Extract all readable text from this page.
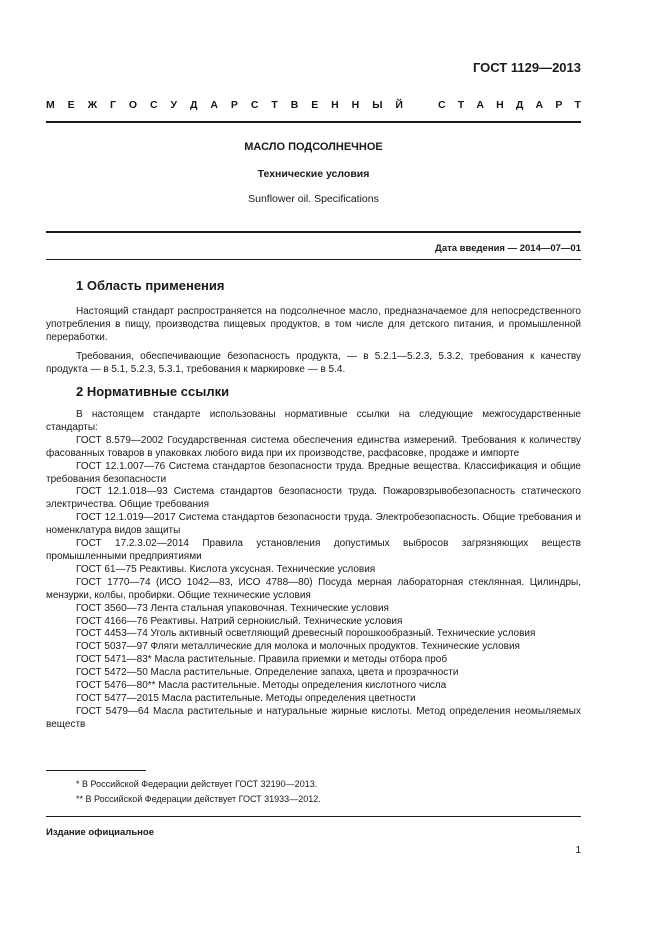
ГОСТ 1129—2013
М Е Ж Г О С У Д А Р С Т В Е Н Н Ы Й	С Т А Н Д А Р Т
МАСЛО ПОДСОЛНЕЧНОЕ
Технические условия
Sunflower oil. Specifications
Дата введения — 2014—07—01
1 Область применения

Настоящий стандарт распространяется на подсолнечное масло, предназначаемое для непосредственного употребления в пищу, производства пищевых продуктов, в том числе для детского питания, и промышленной переработки.

Требования, обеспечивающие безопасность продукта, — в 5.2.1—5.2.3, 5.3.2, требования к качеству продукта — в 5.1, 5.2.3, 5.3.1, требования к маркировке — в 5.4.

2 Нормативные ссылки

В настоящем стандарте использованы нормативные ссылки на следующие межгосударственные стандарты:

ГОСТ 8.579—2002 Государственная система обеспечения единства измерений. Требования к количеству фасованных товаров в упаковках любого вида при их производстве, расфасовке, продаже и импорте

ГОСТ 12.1.007—76 Система стандартов безопасности труда. Вредные вещества. Классификация и общие требования безопасности

ГОСТ 12.1.018—93 Система стандартов безопасности труда. Пожаровзрывобезопасность статического электричества. Общие требования

ГОСТ 12.1.019—2017 Система стандартов безопасности труда. Электробезопасность. Общие требования и номенклатура видов защиты

ГОСТ 17.2.3.02—2014 Правила установления допустимых выбросов загрязняющих веществ промышленными предприятиями

ГОСТ 61—75 Реактивы. Кислота уксусная. Технические условия

ГОСТ 1770—74 (ИСО 1042—83, ИСО 4788—80) Посуда мерная лабораторная стеклянная. Цилиндры, мензурки, колбы, пробирки. Общие технические условия

ГОСТ 3560—73 Лента стальная упаковочная. Технические условия

ГОСТ 4166—76 Реактивы. Натрий сернокислый. Технические условия

ГОСТ 4453—74 Уголь активный осветляющий древесный порошкообразный. Технические условия

ГОСТ 5037—97 Фляги металлические для молока и молочных продуктов. Технические условия

ГОСТ 5471—83* Масла растительные. Правила приемки и методы отбора проб

ГОСТ 5472—50 Масла растительные. Определение запаха, цвета и прозрачности

ГОСТ 5476—80** Масла растительные. Методы определения кислотного числа

ГОСТ 5477—2015 Масла растительные. Методы определения цветности

ГОСТ 5479—64 Масла растительные и натуральные жирные кислоты. Метод определения неомыляемых веществ

* В Российской Федерации действует ГОСТ 32190—2013.
** В Российской Федерации действует ГОСТ 31933—2012.
Издание официальное
1
